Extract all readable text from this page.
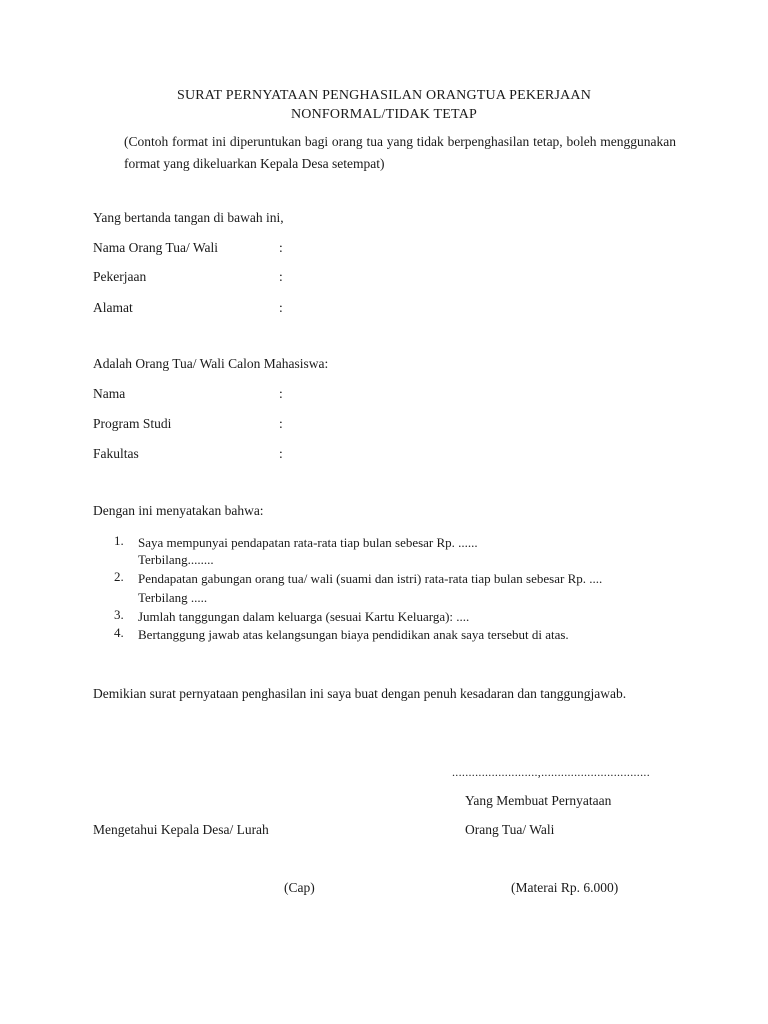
SURAT PERNYATAAN PENGHASILAN ORANGTUA PEKERJAAN
NONFORMAL/TIDAK TETAP
(Contoh format ini diperuntukan bagi orang tua yang tidak berpenghasilan tetap, boleh menggunakan format yang dikeluarkan Kepala Desa setempat)
Yang bertanda tangan di bawah ini,
Nama Orang Tua/ Wali	:
Pekerjaan	:
Alamat	:
Adalah Orang Tua/ Wali Calon Mahasiswa:
Nama	:
Program Studi	:
Fakultas	:
Dengan ini menyatakan bahwa:
1. Saya mempunyai pendapatan rata-rata tiap bulan sebesar Rp. ......
Terbilang........
2. Pendapatan gabungan orang tua/ wali (suami dan istri) rata-rata tiap bulan sebesar Rp. ....
Terbilang .....
3. Jumlah tanggungan dalam keluarga (sesuai Kartu Keluarga): ....
4. Bertanggung jawab atas kelangsungan biaya pendidikan anak saya tersebut di atas.
Demikian surat pernyataan penghasilan ini saya buat dengan penuh kesadaran dan tanggungjawab.
..........................,.................................
Yang Membuat Pernyataan
Mengetahui Kepala Desa/ Lurah	Orang Tua/ Wali
(Cap)	(Materai Rp. 6.000)
